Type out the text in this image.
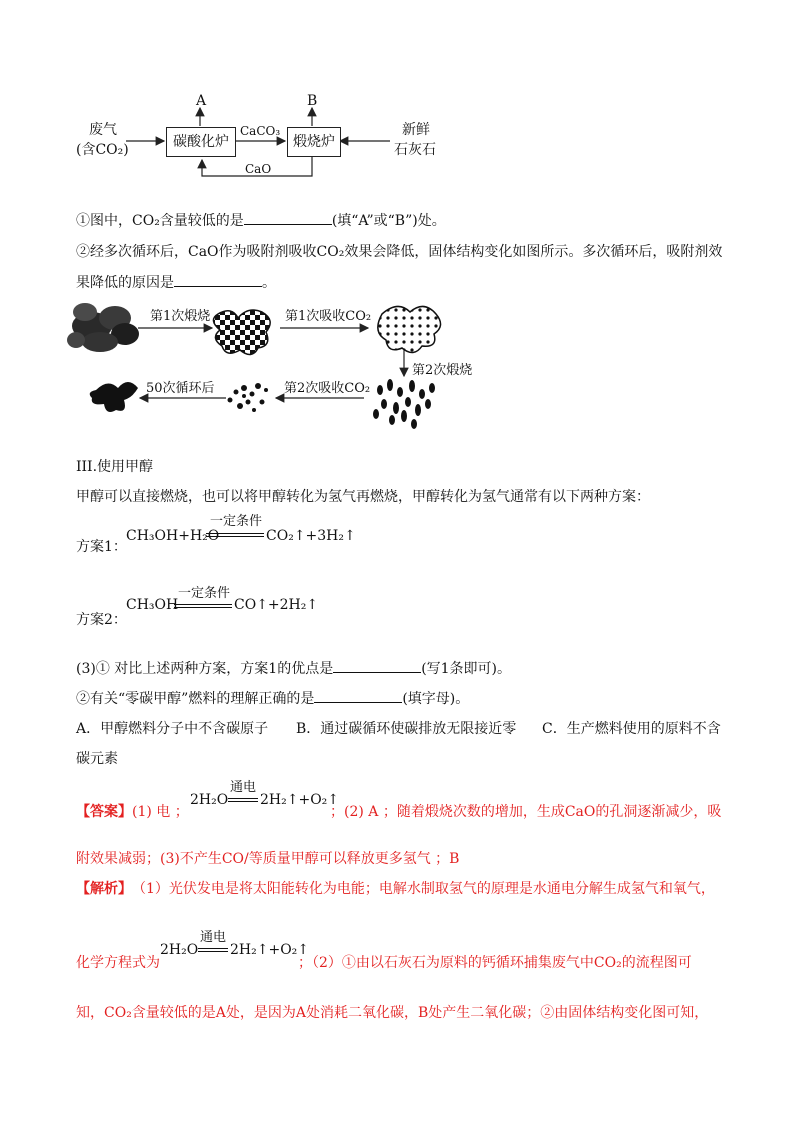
废气
(含CO₂)	碳酸化炉	煅烧炉
CaCO₃
CaO
A	B
新鲜
石灰石
①图中，CO₂含量较低的是	(填“A”或“B”)处。
②经多次循环后，CaO作为吸附剂吸收CO₂效果会降低，固体结构变化如图所示。多次循环后，吸附剂效
果降低的原因是	。
第1次煅烧	第1次吸收CO₂
第2次煅烧
第2次吸收CO₂
50次循环后
III.使用甲醇
甲醇可以直接燃烧，也可以将甲醇转化为氢气再燃烧，甲醇转化为氢气通常有以下两种方案：
方案1：
CH₃OH+H₂O
一定条件
CO₂↑+3H₂↑
方案2：
CH₃OH
一定条件
CO↑+2H₂↑
(3)① 对比上述两种方案，方案1的优点是	(写1条即可)。
②有关“零碳甲醇”燃料的理解正确的是	(填字母)。
A．甲醇燃料分子中不含碳原子 B．通过碳循环使碳排放无限接近零 C．生产燃料使用的原料不含
碳元素
【答案】 (1) 电 ；
2H₂O
通电
2H₂↑+O₂↑
；(2) A ；随着煅烧次数的增加，生成CaO的孔洞逐渐减少，吸
附效果减弱；(3)不产生CO/等质量甲醇可以释放更多氢气 ；B
【解析】 （1）光伏发电是将太阳能转化为电能；电解水制取氢气的原理是水通电分解生成氢气和氧气，
化学方程式为
2H₂O
通电
2H₂↑+O₂↑
；（2）①由以石灰石为原料的钙循环捕集废气中CO₂的流程图可
知，CO₂含量较低的是A处，是因为A处消耗二氧化碳，B处产生二氧化碳；②由固体结构变化图可知，
